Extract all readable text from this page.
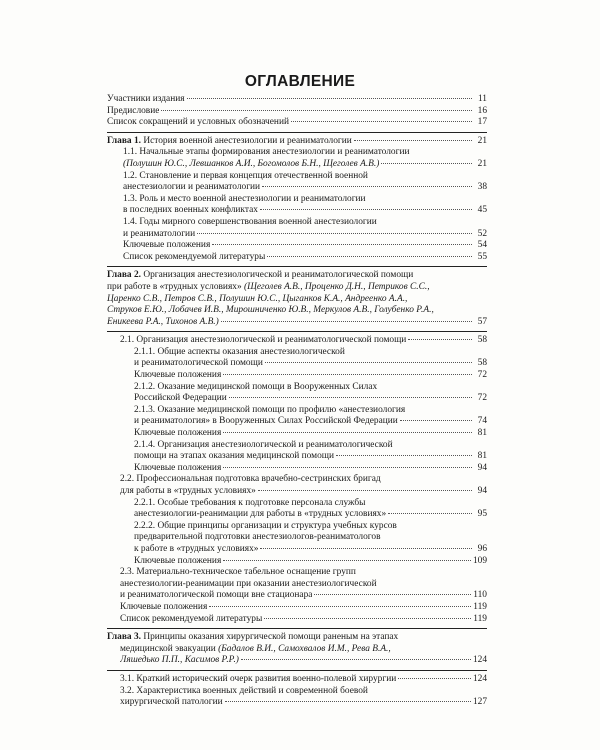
ОГЛАВЛЕНИЕ
Участники издания	11
Предисловие	16
Список сокращений и условных обозначений	17
Глава 1. История военной анестезиологии и реаниматологии	21
1.1. Начальные этапы формирования анестезиологии и реаниматологии
(Полушин Ю.С., Левшанков А.И., Богомолов Б.Н., Щеголев А.В.)	21
1.2. Становление и первая концепция отечественной военной
анестезиологии и реаниматологии	38
1.3. Роль и место военной анестезиологии и реаниматологии
в последних военных конфликтах	45
1.4. Годы мирного совершенствования военной анестезиологии
и реаниматологии	52
Ключевые положения	54
Список рекомендуемой литературы	55
Глава 2. Организация анестезиологической и реаниматологической помощи
при работе в «трудных условиях» (Щеголев А.В., Проценко Д.Н., Петриков С.С.,
Царенко С.В., Петров С.В., Полушин Ю.С., Цыганков К.А., Андреенко А.А.,
Струков Е.Ю., Лобачев И.В., Мирошниченко Ю.В., Меркулов А.В., Голубенко Р.А.,
Еникеева Р.А., Тихонов А.В.)	57
2.1. Организация анестезиологической и реаниматологической помощи	58
2.1.1. Общие аспекты оказания анестезиологической
и реаниматологической помощи	58
Ключевые положения	72
2.1.2. Оказание медицинской помощи в Вооруженных Силах
Российской Федерации	72
2.1.3. Оказание медицинской помощи по профилю «анестезиология
и реаниматология» в Вооруженных Силах Российской Федерации	74
Ключевые положения	81
2.1.4. Организация анестезиологической и реаниматологической
помощи на этапах оказания медицинской помощи	81
Ключевые положения	94
2.2. Профессиональная подготовка врачебно-сестринских бригад
для работы в «трудных условиях»	94
2.2.1. Особые требования к подготовке персонала службы
анестезиологии-реанимации для работы в «трудных условиях»	95
2.2.2. Общие принципы организации и структура учебных курсов
предварительной подготовки анестезиологов-реаниматологов
к работе в «трудных условиях»	96
Ключевые положения	109
2.3. Материально-техническое табельное оснащение групп
анестезиологии-реанимации при оказании анестезиологической
и реаниматологической помощи вне стационара	110
Ключевые положения	119
Список рекомендуемой литературы	119
Глава 3. Принципы оказания хирургической помощи раненым на этапах
медицинской эвакуации (Бадалов В.И., Самохвалов И.М., Рева В.А.,
Ляшедько П.П., Касимов Р.Р.)	124
3.1. Краткий исторический очерк развития военно-полевой хирургии	124
3.2. Характеристика военных действий и современной боевой
хирургической патологии	127
